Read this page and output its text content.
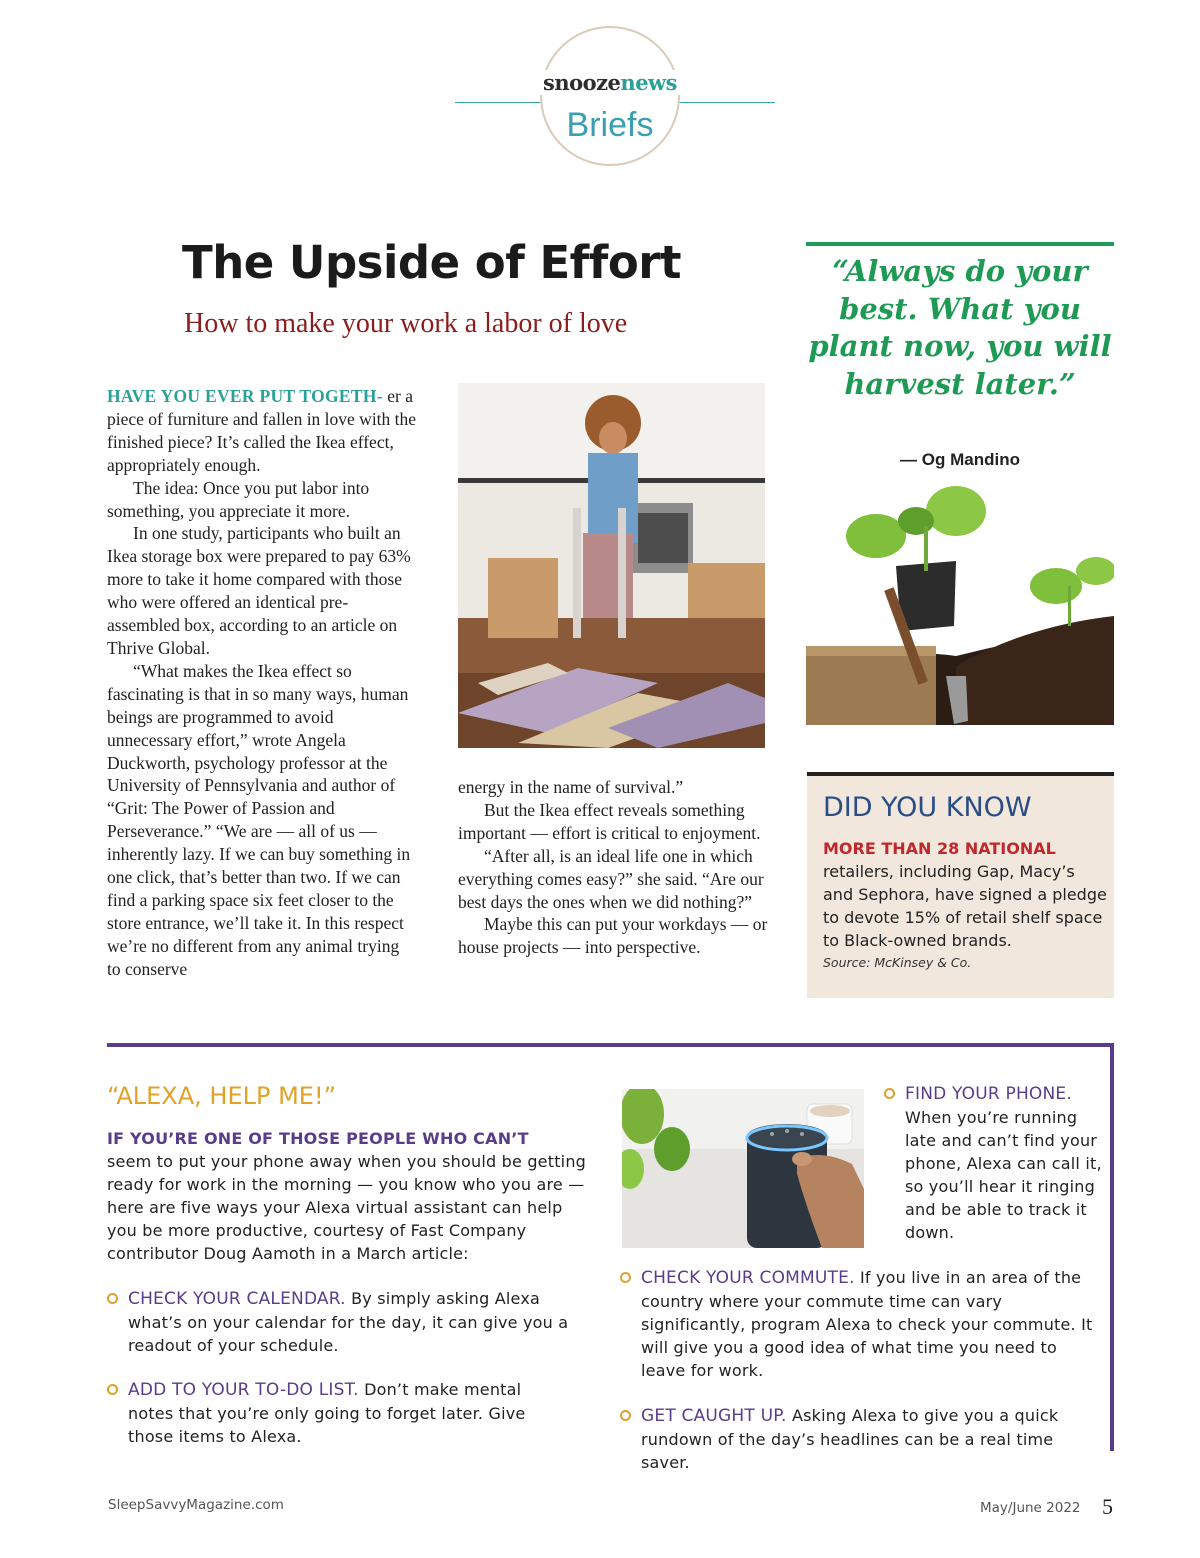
snoozenews
Briefs
The Upside of Effort
How to make your work a labor of love

HAVE YOU EVER PUT TOGETH- er a piece of furniture and fallen in love with the finished piece? It’s called the Ikea effect, appropriately enough.

The idea: Once you put labor into something, you appreciate it more.

In one study, participants who built an Ikea storage box were prepared to pay 63% more to take it home compared with those who were offered an identical pre-assembled box, according to an article on Thrive Global.

“What makes the Ikea effect so fascinating is that in so many ways, human beings are programmed to avoid unnecessary effort,” wrote Angela Duckworth, psychology professor at the University of Pennsylvania and author of “Grit: The Power of Passion and Perseverance.” “We are — all of us — inherently lazy. If we can buy something in one click, that’s better than two. If we can find a parking space six feet closer to the store entrance, we’ll take it. In this respect we’re no different from any animal trying to conserve

energy in the name of survival.”

But the Ikea effect reveals something important — effort is critical to enjoyment.

“After all, is an ideal life one in which everything comes easy?” she said. “Are our best days the ones when we did nothing?”

Maybe this can put your workdays — or house projects — into perspective.

“Always do your best. What you plant now, you will harvest later.”
— Og Mandino
DID YOU KNOW
MORE THAN 28 NATIONAL
retailers, including Gap, Macy’s and Sephora, have signed a pledge to devote 15% of retail shelf space to Black-owned brands.
Source: McKinsey & Co.
“ALEXA, HELP ME!”
IF YOU’RE ONE OF THOSE PEOPLE WHO CAN’T
seem to put your phone away when you should be getting ready for work in the morning — you know who you are — here are five ways your Alexa virtual assistant can help you be more productive, courtesy of Fast Company contributor Doug Aamoth in a March article:
CHECK YOUR CALENDAR. By simply asking Alexa what’s on your calendar for the day, it can give you a readout of your schedule.
ADD TO YOUR TO-DO LIST. Don’t make mental notes that you’re only going to forget later. Give those items to Alexa.
FIND YOUR PHONE.
When you’re running late and can’t find your phone, Alexa can call it, so you’ll hear it ringing and be able to track it down.
CHECK YOUR COMMUTE. If you live in an area of the country where your commute time can vary significantly, program Alexa to check your commute. It will give you a good idea of what time you need to leave for work.
GET CAUGHT UP. Asking Alexa to give you a quick rundown of the day’s headlines can be a real time saver.
SleepSavvyMagazine.com	May/June 2022 5
